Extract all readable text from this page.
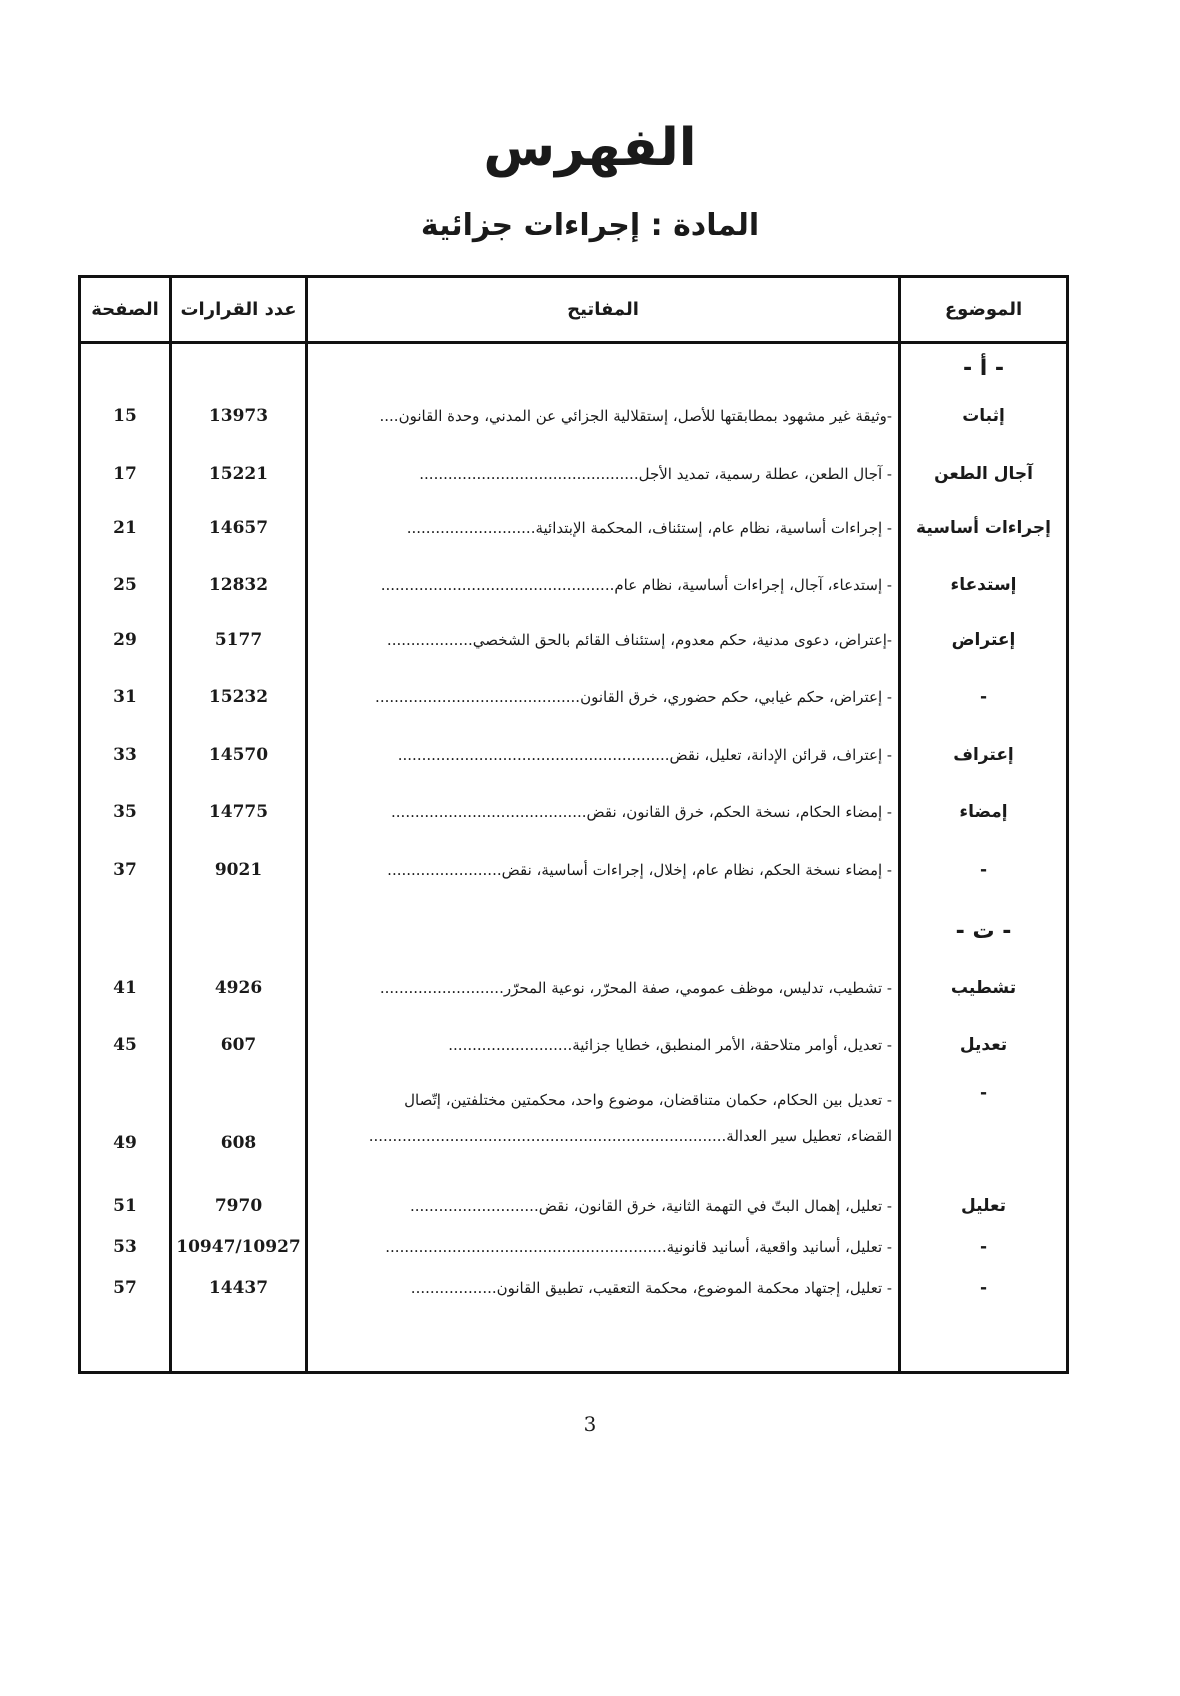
الفهرس
المادة : إجراءات جزائية
الموضوع
المفاتيح
عدد القرارات
الصفحة
- أ -
إثبات
-وثيقة غير مشهود بمطابقتها للأصل، إستقلالية الجزائي عن المدني، وحدة القانون....
13973
15
آجال الطعن
- آجال الطعن، عطلة رسمية، تمديد الأجل..............................................
15221
17
إجراءات أساسية
- إجراءات أساسية، نظام عام، إستئناف، المحكمة الإبتدائية...........................
14657
21
إستدعاء
- إستدعاء، آجال، إجراءات أساسية، نظام عام.................................................
12832
25
إعتراض
-إعتراض، دعوى مدنية، حكم معدوم، إستئناف القائم بالحق الشخصي..................
5177
29
-
- إعتراض، حكم غيابي، حكم حضوري، خرق القانون...........................................
15232
31
إعتراف
- إعتراف، قرائن الإدانة، تعليل، نقض.........................................................
14570
33
إمضاء
- إمضاء الحكام، نسخة الحكم، خرق القانون، نقض.........................................
14775
35
-
- إمضاء نسخة الحكم، نظام عام، إخلال، إجراءات أساسية، نقض........................
9021
37
- ت -
تشطيب
- تشطيب، تدليس، موظف عمومي، صفة المحرّر، نوعية المحرّر..........................
4926
41
تعديل
- تعديل، أوامر متلاحقة، الأمر المنطبق، خطايا جزائية..........................
607
45
-
- تعديل بين الحكام، حكمان متناقضان، موضوع واحد، محكمتين مختلفتين، إتّصال
القضاء، تعطيل سير العدالة...........................................................................
608
49
تعليل
- تعليل، إهمال البتّ في التهمة الثانية، خرق القانون، نقض...........................
7970
51
-
- تعليل، أسانيد واقعية، أسانيد قانونية...........................................................
10947/10927
53
-
- تعليل، إجتهاد محكمة الموضوع، محكمة التعقيب، تطبيق القانون..................
14437
57
3
